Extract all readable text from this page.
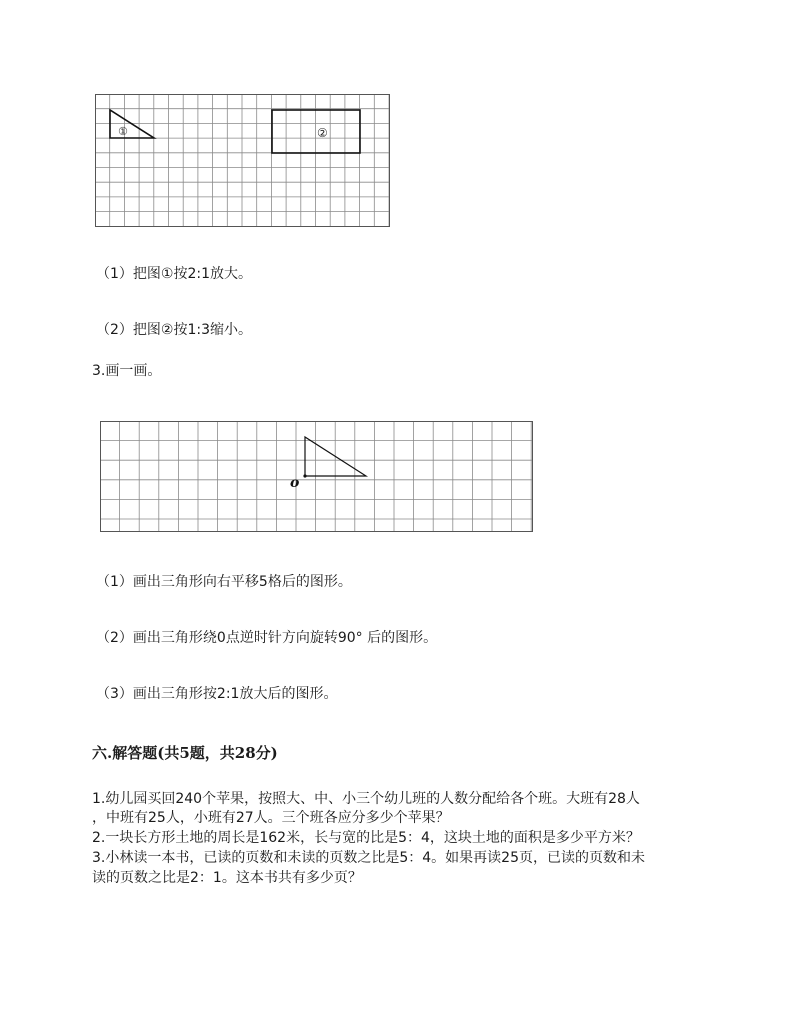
①	②
（1）把图①按2:1放大。
（2）把图②按1:3缩小。
3.画一画。
o
（1）画出三角形向右平移5格后的图形。
（2）画出三角形绕0点逆时针方向旋转90° 后的图形。
（3）画出三角形按2:1放大后的图形。
六.解答题(共5题，共28分)
1.幼儿园买回240个苹果，按照大、中、小三个幼儿班的人数分配给各个班。大班有28人
，中班有25人，小班有27人。三个班各应分多少个苹果？
2.一块长方形土地的周长是162米，长与宽的比是5：4，这块土地的面积是多少平方米？
3.小林读一本书，已读的页数和未读的页数之比是5：4。如果再读25页，已读的页数和未
读的页数之比是2：1。这本书共有多少页？
